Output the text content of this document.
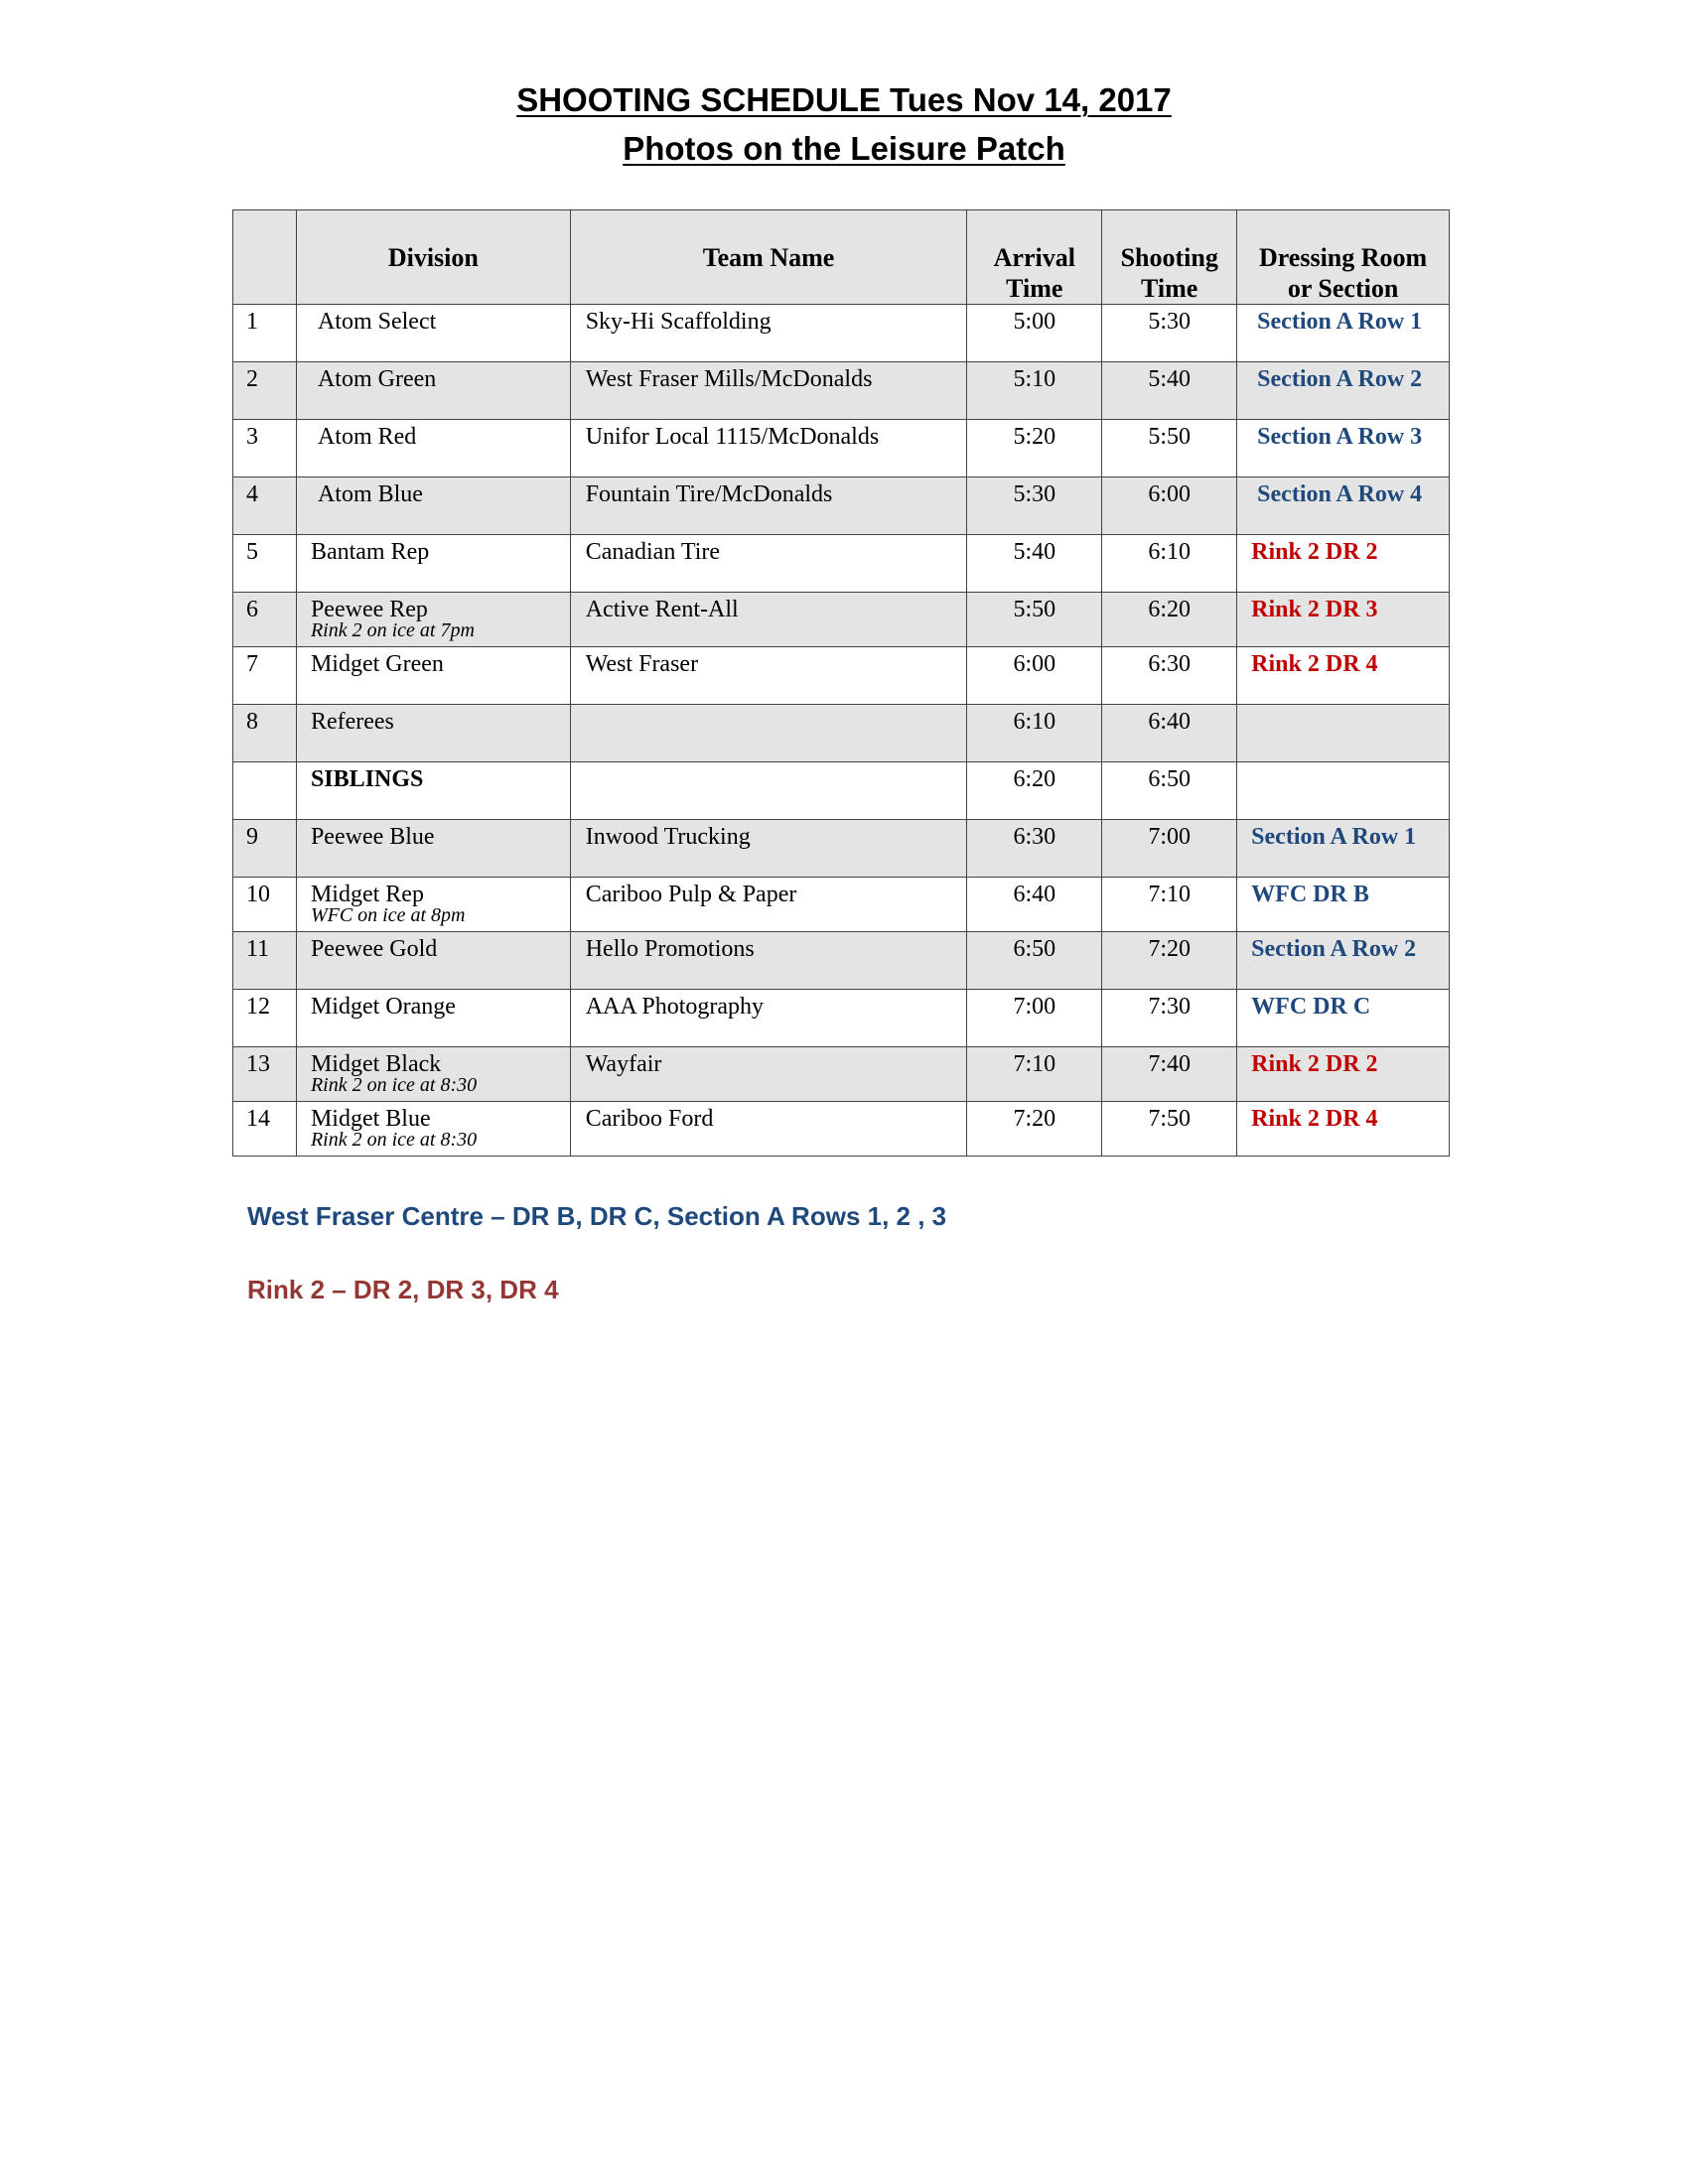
SHOOTING SCHEDULE Tues Nov 14, 2017
Photos on the Leisure Patch
	Division	Team Name	Arrival
Time	Shooting
Time	Dressing Room
or Section

1	Atom Select	Sky-Hi Scaffolding	5:00	5:30	Section A Row 1

2	Atom Green	West Fraser Mills/McDonalds	5:10	5:40	Section A Row 2

3	Atom Red	Unifor Local 1115/McDonalds	5:20	5:50	Section A Row 3

4	Atom Blue	Fountain Tire/McDonalds	5:30	6:00	Section A Row 4

5	Bantam Rep	Canadian Tire	5:40	6:10	Rink 2 DR 2

6	Peewee Rep
Rink 2 on ice at 7pm	Active Rent-All	5:50	6:20	Rink 2 DR 3

7	Midget Green	West Fraser	6:00	6:30	Rink 2 DR 4

8	Referees		6:10	6:40	

	SIBLINGS		6:20	6:50	

9	Peewee Blue	Inwood Trucking	6:30	7:00	Section A Row 1

10	Midget Rep
WFC on ice at 8pm	Cariboo Pulp & Paper	6:40	7:10	WFC DR B

11	Peewee Gold	Hello Promotions	6:50	7:20	Section A Row 2

12	Midget Orange	AAA Photography	7:00	7:30	WFC DR C

13	Midget Black
Rink 2 on ice at 8:30	Wayfair	7:10	7:40	Rink 2 DR 2

14	Midget Blue
Rink 2 on ice at 8:30	Cariboo Ford	7:20	7:50	Rink 2 DR 4
West Fraser Centre – DR B, DR C, Section A Rows 1, 2 , 3
Rink 2 – DR 2, DR 3, DR 4
